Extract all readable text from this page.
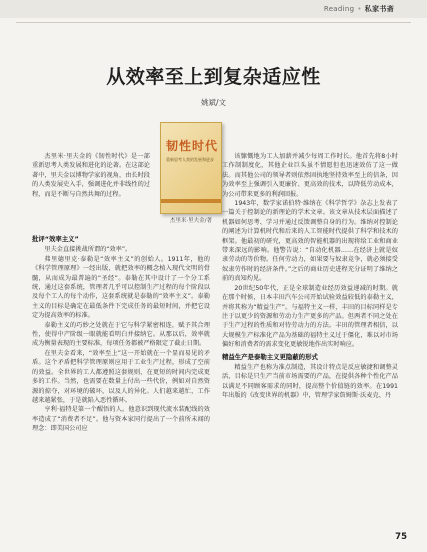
Reading • 私家书斋
从效率至上到复杂适应性
姚斌/文
韧性时代
重新思考人类的发展和进步
杰里米·里夫金/著

杰里米·里夫金的《韧性时代》是一部重新思考人类发展和进化的论著。在这部论著中，里夫金以博物学家的视角，由长时段的人类发展史入手，强调进化并非线性的过程，而是不断与自然共舞的过程。

批评“效率主义”

里夫金直接挑战所谓的“效率”。

弗里德里克·泰勒是“效率主义”的创始人。1911年，他的《科学管理原理》一经出版，就把效率的概念植入现代文明的骨髓，从而成为最普遍的“圣经”。泰勒在其中设计了一个分工系统，通过这套系统，管理者几乎可以控制生产过程的每个阶段以及每个工人的每个动作，这套系统就是泰勒的“效率主义”。泰勒主义的目标是确定在最低条件下完成任务的最短时间，并把它设定为提高效率的标准。

泰勒主义的巧妙之处就在于它与科学紧密相连，赋予其合理性，使得中产阶级一眼就能看明白并接纳它。从那以后，效率就成为衡量表现的主要标准，每项任务都被严格限定了截止日期。

在里夫金看来，“效率至上”这一开始就在一个显而易见的矛盾。这个矛盾把科学管理原则应用于工业生产过程，形成了空前的效益。全世界的工人都遵照这套规则，在更短的时间内完成更多的工作。当然，也需要在数量上付出一些代价，例如对自然资源的掠夺，对环境的破坏，以及人的异化。人们越来越忙，工作越来越紧张，于是就陷入恶性循环。

亨利·福特是第一个醒悟的人。他意识到现代流水装配线的效率造成了“消费者不足”。他与资本家同行提出了一个前所未闻的理念：即美国公司应

该慷慨地为工人加薪并减少每周工作时长。他首先将8小时工作制制度化，其他企业巨头虽不情愿但也迅速效仿了这一做法。而其他公司的领导者则依然固执地坚持效率至上的信条，因为效率至上强调引入更廉价、更高效的技术，以降低劳动成本，为公司带来更多的利润回报。

1943年，数学家诺伯特·维纳在《科学哲学》杂志上发表了一篇关于控制论的新理论的学术文章。该文章从技术层面描述了机器如何思考、学习并通过反馈调整自身的行为。维纳对控制论的阐述为计算机时代和后来的人工智能时代提供了科学和技术的框架。他最初的研究，更高效的智能机器的出现将给工业和商业带来深远的影响。他警告说：“自动化机器……在经济上就是奴隶劳动的等价物。任何劳动力，如果要与奴隶竞争，就必须接受奴隶劳作时的经济条件。”之后的商业历史进程充分证明了维纳之前的真知灼见。

20世纪50年代，正是全球制造业经历效益递减的时期。就在那个时候，日本丰田汽车公司开始试验效益较低的泰勒主义，并将其称为“精益生产”。与福特主义一样，丰田的目标同样是专注于以更少的资源和劳动力生产更多的产品。但两者不同之处在于生产过程的性质和对待劳动力的方法。丰田的管理者相信，以大规模生产标准化产品为基础的福特主义过于僵化，难以对市场偏好和消费者的需求变化更敏锐地作出实时响应。

精益生产是泰勒主义更隐蔽的形式

精益生产也称为准点制造，其设计特点是反应敏捷和调整灵活，目标是只生产当前市场需要的产品，在提供各种个性化产品以满足不同顾客需求的同时，提高整个价值链的效率。在1991年出版的《改变世界的机器》中，管理学家詹姆斯·沃麦克、丹

75
